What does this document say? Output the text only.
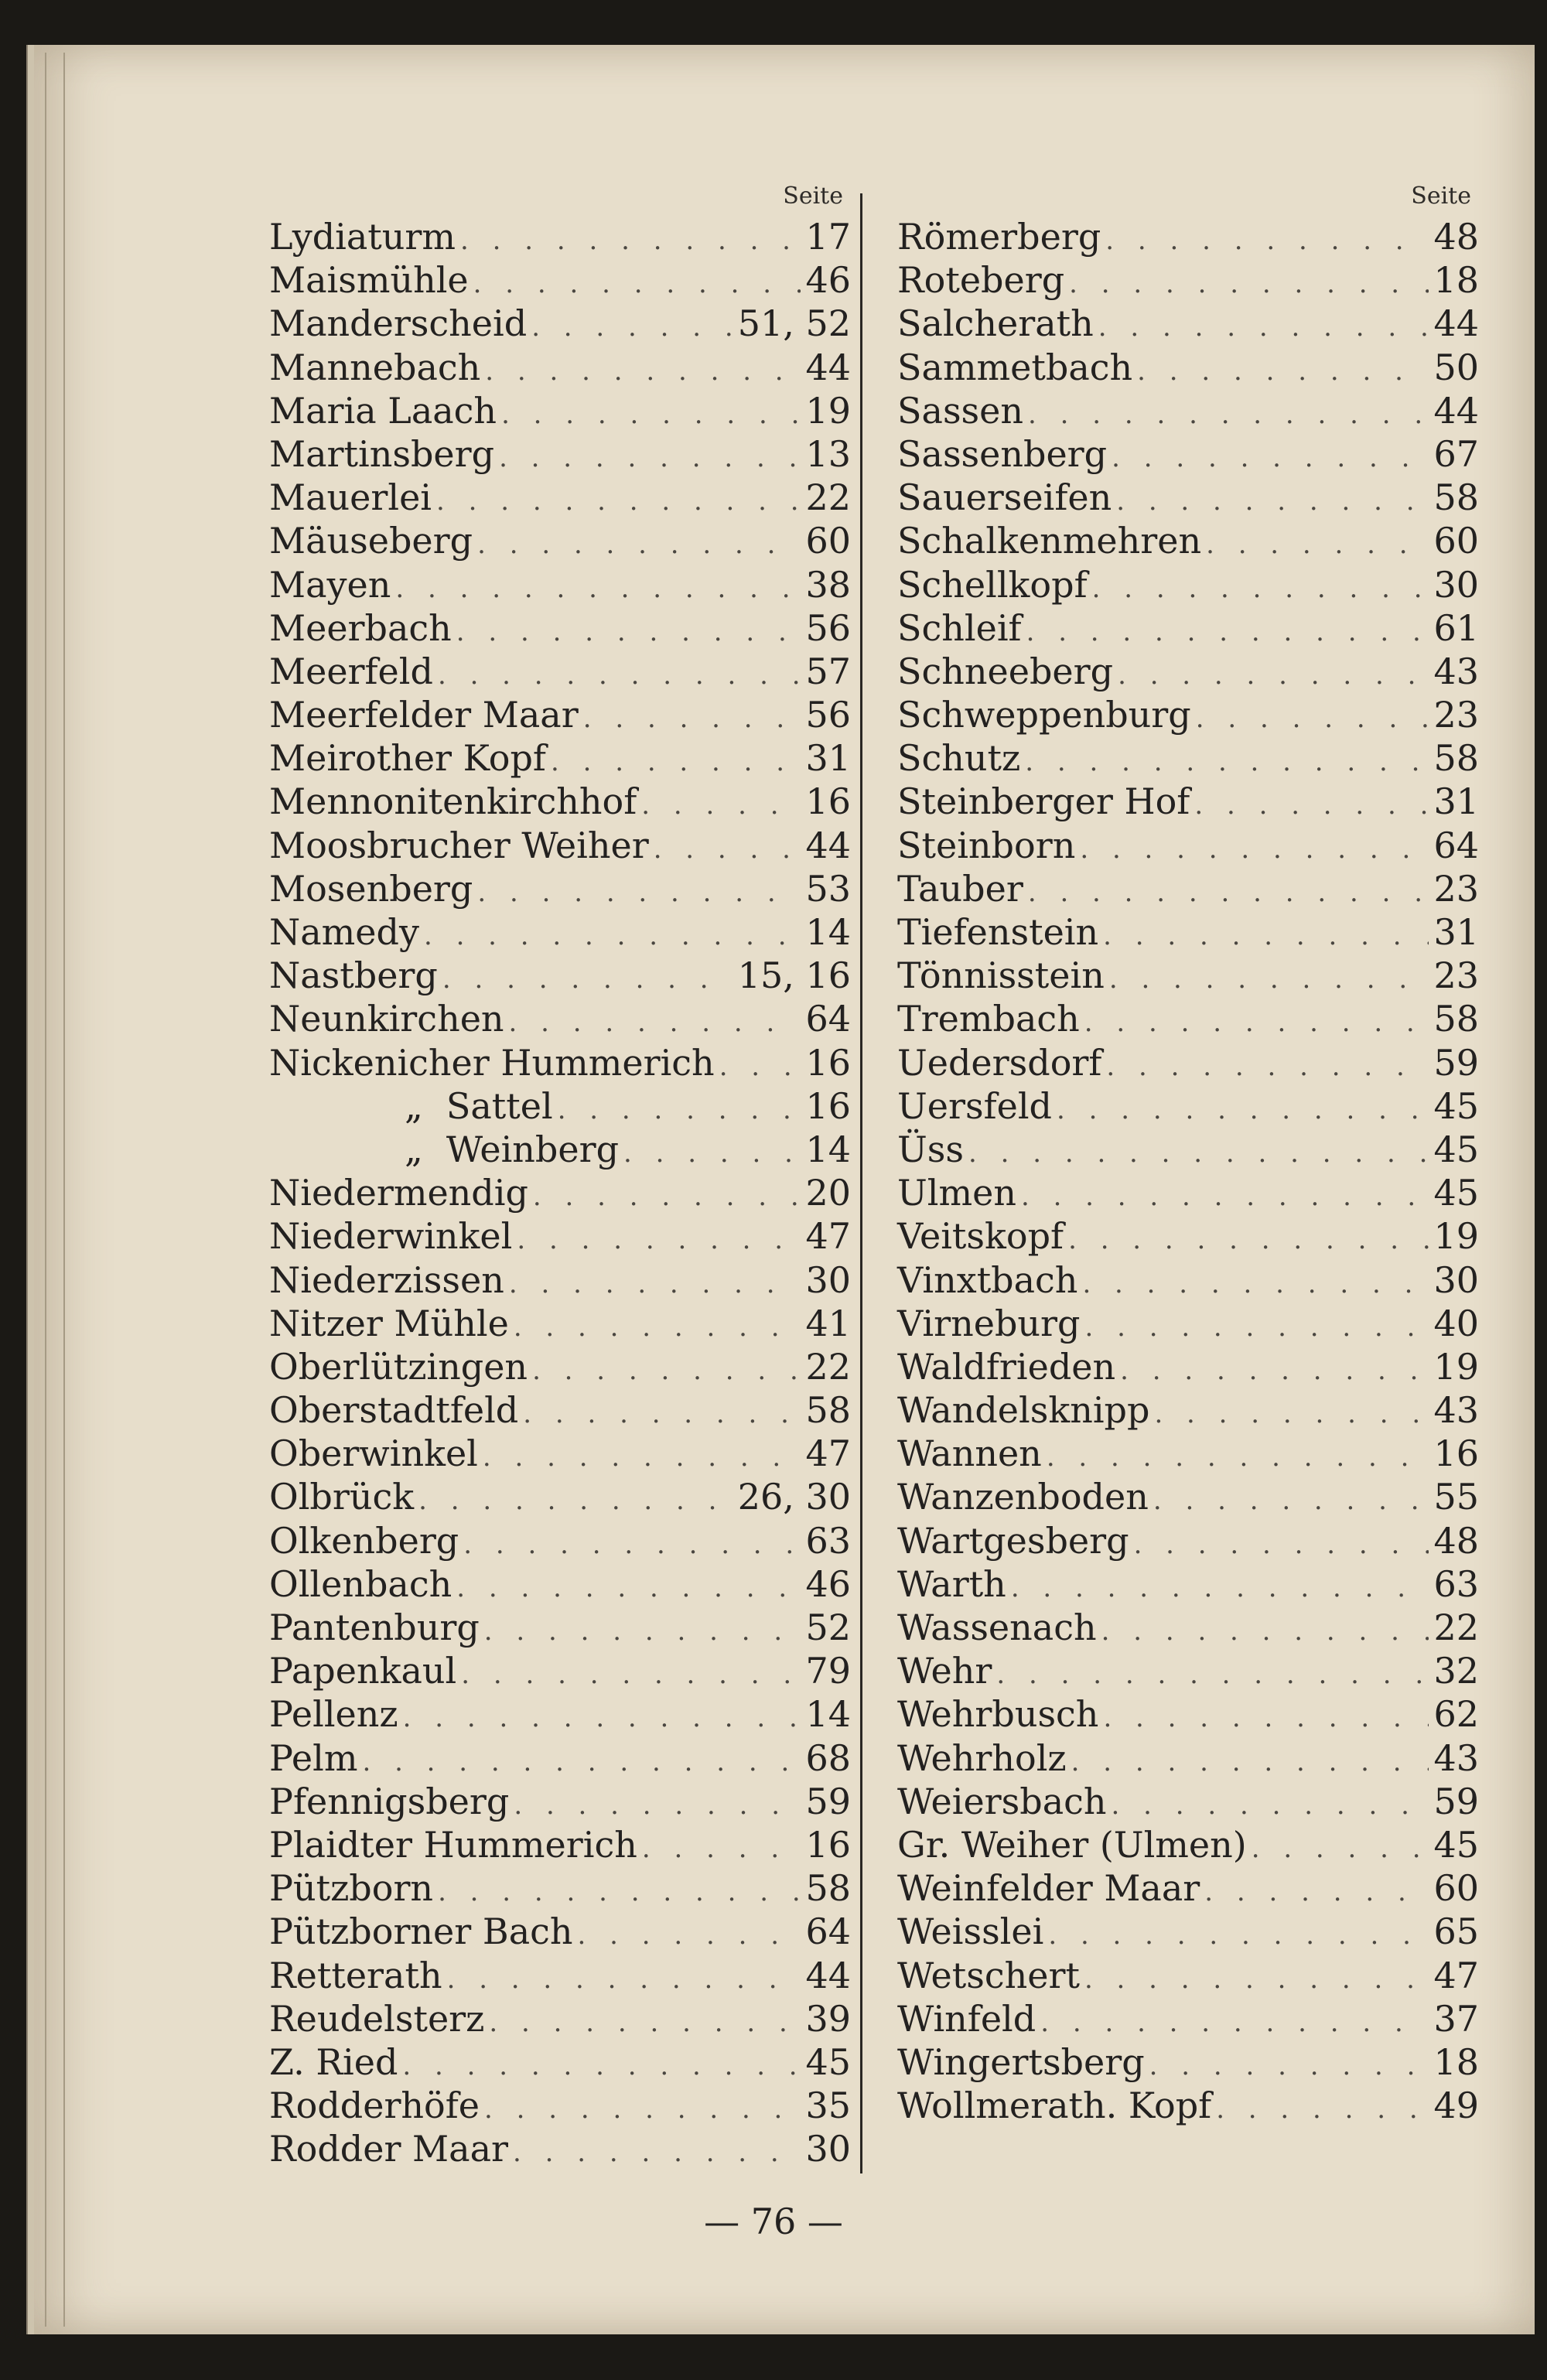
Seite
Lydiaturm . . .	17
Maismühle . . .	46
Manderscheid . . .	51, 52
Mannebach . . .	44
Maria Laach . . .	19
Martinsberg . . .	13
Mauerlei . . .	22
Mäuseberg . . .	60
Mayen . . .	38
Meerbach . . .	56
Meerfeld . . .	57
Meerfelder Maar . . .	56
Meirother Kopf . . .	31
Mennonitenkirchhof . . .	16
Moosbrucher Weiher . . .	44
Mosenberg . . .	53
Namedy . . .	14
Nastberg . . .	15, 16
Neunkirchen . . .	64
Nickenicher Hummerich . . .	16
„ Sattel . . .	16
„ Weinberg . . .	14
Niedermendig . . .	20
Niederwinkel . . .	47
Niederzissen . . .	30
Nitzer Mühle . . .	41
Oberlützingen . . .	22
Oberstadtfeld . . .	58
Oberwinkel . . .	47
Olbrück . . .	26, 30
Olkenberg . . .	63
Ollenbach . . .	46
Pantenburg . . .	52
Papenkaul . . .	79
Pellenz . . .	14
Pelm . . .	68
Pfennigsberg . . .	59
Plaidter Hummerich . . .	16
Pützborn . . .	58
Pützborner Bach . . .	64
Retterath . . .	44
Reudelsterz . . .	39
Z. Ried . . .	45
Rodderhöfe . . .	35
Rodder Maar . . .	30
Seite
Römerberg . . .	48
Roteberg . . .	18
Salcherath . . .	44
Sammetbach . . .	50
Sassen . . .	44
Sassenberg . . .	67
Sauerseifen . . .	58
Schalkenmehren . . .	60
Schellkopf . . .	30
Schleif . . .	61
Schneeberg . . .	43
Schweppenburg . . .	23
Schutz . . .	58
Steinberger Hof . . .	31
Steinborn . . .	64
Tauber . . .	23
Tiefenstein . . .	31
Tönnisstein . . .	23
Trembach . . .	58
Uedersdorf . . .	59
Uersfeld . . .	45
Üss . . .	45
Ulmen . . .	45
Veitskopf . . .	19
Vinxtbach . . .	30
Virneburg . . .	40
Waldfrieden . . .	19
Wandelsknipp . . .	43
Wannen . . .	16
Wanzenboden . . .	55
Wartgesberg . . .	48
Warth . . .	63
Wassenach . . .	22
Wehr . . .	32
Wehrbusch . . .	62
Wehrholz . . .	43
Weiersbach . . .	59
Gr. Weiher (Ulmen) . . .	45
Weinfelder Maar . . .	60
Weisslei . . .	65
Wetschert . . .	47
Winfeld . . .	37
Wingertsberg . . .	18
Wollmerath. Kopf . . .	49
— 76 —
